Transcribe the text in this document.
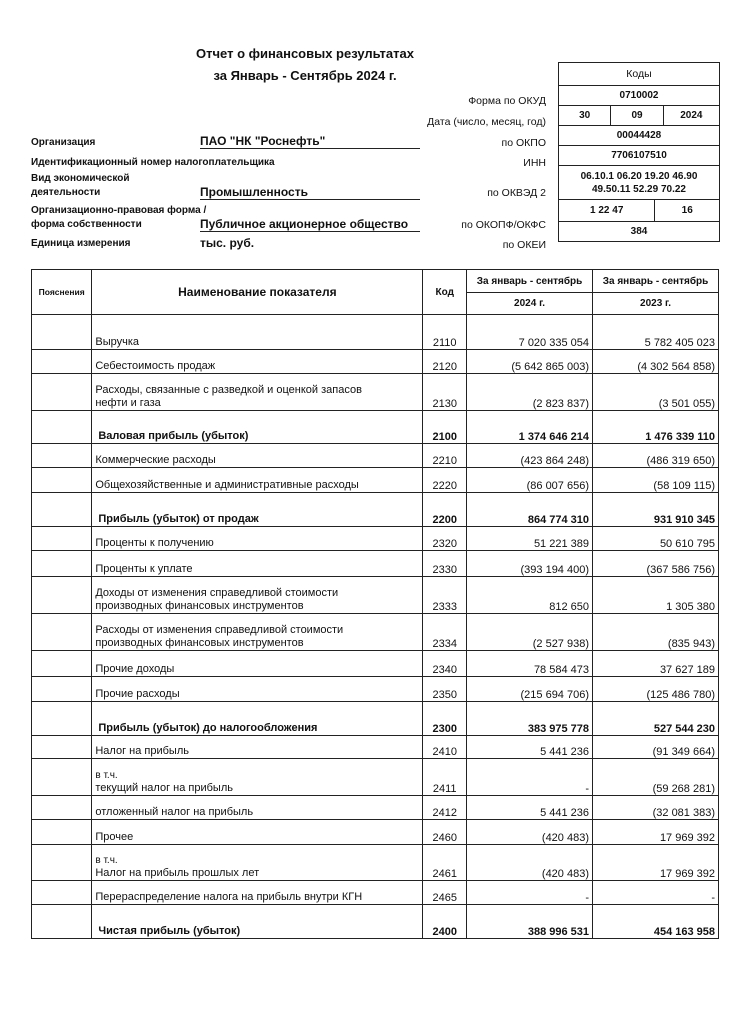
Отчет о финансовых результатах
за Январь - Сентябрь 2024 г.
Форма по ОКУД
Дата (число, месяц, год)
по ОКПО
ИНН
по ОКВЭД 2
по ОКОПФ/ОКФС
по ОКЕИ
Коды
0710002
30	09	2024
00044428
7706107510
06.10.1 06.20 19.20 46.90
49.50.11 52.29 70.22
1 22 47	16
384
Организация	ПАО "НК "Роснефть"
Идентификационный номер налогоплательщика
Вид экономической
деятельности	Промышленность
Организационно-правовая форма /
форма собственности	Публичное акционерное общество
Единица измерения	тыс. руб.
Пояснения	Наименование показателя	Код	За январь - сентябрь	За январь - сентябрь
			2024 г.	2023 г.

	Выручка	2110	7 020 335 054	5 782 405 023

	Себестоимость продаж	2120	(5 642 865 003)	(4 302 564 858)

	Расходы, связанные с разведкой и оценкой запасов
нефти и газа	2130	(2 823 837)	(3 501 055)

	Валовая прибыль (убыток)	2100	1 374 646 214	1 476 339 110

	Коммерческие расходы	2210	(423 864 248)	(486 319 650)

	Общехозяйственные и административные расходы	2220	(86 007 656)	(58 109 115)

	Прибыль (убыток) от продаж	2200	864 774 310	931 910 345

	Проценты к получению	2320	51 221 389	50 610 795

	Проценты к уплате	2330	(393 194 400)	(367 586 756)

	Доходы от изменения справедливой стоимости
производных финансовых инструментов	2333	812 650	1 305 380

	Расходы от изменения справедливой стоимости
производных финансовых инструментов	2334	(2 527 938)	(835 943)

	Прочие доходы	2340	78 584 473	37 627 189

	Прочие расходы	2350	(215 694 706)	(125 486 780)

	Прибыль (убыток) до налогообложения	2300	383 975 778	527 544 230

	Налог на прибыль	2410	5 441 236	(91 349 664)

	в т.ч.
текущий налог на прибыль	2411	-	(59 268 281)

	отложенный налог на прибыль	2412	5 441 236	(32 081 383)

	Прочее	2460	(420 483)	17 969 392

	в т.ч.
Налог на прибыль прошлых лет	2461	(420 483)	17 969 392

	Перераспределение налога на прибыль внутри КГН	2465	-	-

	Чистая прибыль (убыток)	2400	388 996 531	454 163 958
